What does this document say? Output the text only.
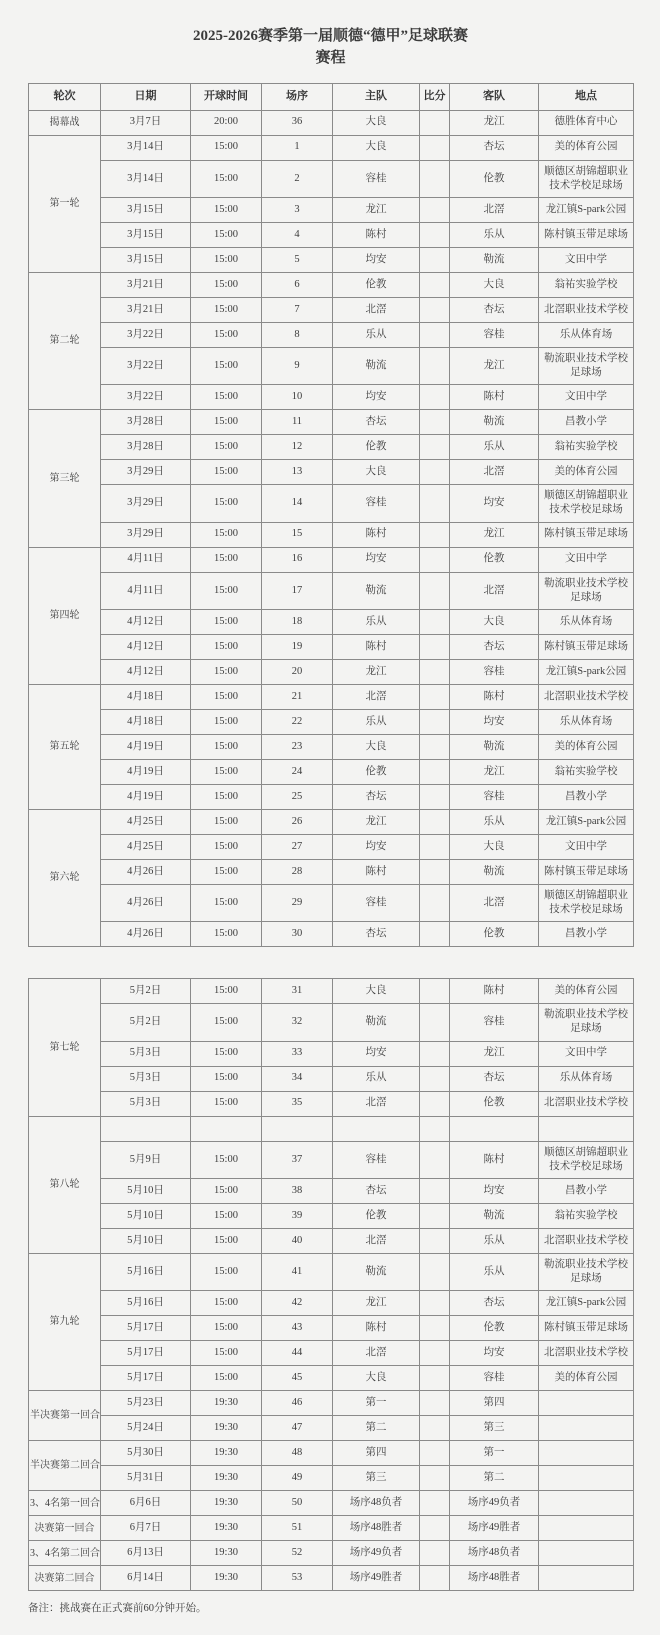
2025-2026赛季第一届顺德“德甲”足球联赛
赛程
轮次	日期	开球时间	场序	主队	比分	客队	地点
揭幕战	3月7日	20:00	36	大良		龙江	德胜体育中心
第一轮	3月14日	15:00	1	大良		杏坛	美的体育公园
	3月14日	15:00	2	容桂		伦教	顺德区胡锦超职业技术学校足球场
	3月15日	15:00	3	龙江		北滘	龙江镇S-park公园
	3月15日	15:00	4	陈村		乐从	陈村镇玉带足球场
	3月15日	15:00	5	均安		勒流	文田中学
第二轮	3月21日	15:00	6	伦教		大良	翁祐实验学校
	3月21日	15:00	7	北滘		杏坛	北滘职业技术学校
	3月22日	15:00	8	乐从		容桂	乐从体育场
	3月22日	15:00	9	勒流		龙江	勒流职业技术学校足球场
	3月22日	15:00	10	均安		陈村	文田中学
第三轮	3月28日	15:00	11	杏坛		勒流	昌教小学
	3月28日	15:00	12	伦教		乐从	翁祐实验学校
	3月29日	15:00	13	大良		北滘	美的体育公园
	3月29日	15:00	14	容桂		均安	顺德区胡锦超职业技术学校足球场
	3月29日	15:00	15	陈村		龙江	陈村镇玉带足球场
第四轮	4月11日	15:00	16	均安		伦教	文田中学
	4月11日	15:00	17	勒流		北滘	勒流职业技术学校足球场
	4月12日	15:00	18	乐从		大良	乐从体育场
	4月12日	15:00	19	陈村		杏坛	陈村镇玉带足球场
	4月12日	15:00	20	龙江		容桂	龙江镇S-park公园
第五轮	4月18日	15:00	21	北滘		陈村	北滘职业技术学校
	4月18日	15:00	22	乐从		均安	乐从体育场
	4月19日	15:00	23	大良		勒流	美的体育公园
	4月19日	15:00	24	伦教		龙江	翁祐实验学校
	4月19日	15:00	25	杏坛		容桂	昌教小学
第六轮	4月25日	15:00	26	龙江		乐从	龙江镇S-park公园
	4月25日	15:00	27	均安		大良	文田中学
	4月26日	15:00	28	陈村		勒流	陈村镇玉带足球场
	4月26日	15:00	29	容桂		北滘	顺德区胡锦超职业技术学校足球场
	4月26日	15:00	30	杏坛		伦教	昌教小学
第七轮	5月2日	15:00	31	大良		陈村	美的体育公园
	5月2日	15:00	32	勒流		容桂	勒流职业技术学校足球场
	5月3日	15:00	33	均安		龙江	文田中学
	5月3日	15:00	34	乐从		杏坛	乐从体育场
	5月3日	15:00	35	北滘		伦教	北滘职业技术学校
第八轮							
	5月9日	15:00	37	容桂		陈村	顺德区胡锦超职业技术学校足球场
	5月10日	15:00	38	杏坛		均安	昌教小学
	5月10日	15:00	39	伦教		勒流	翁祐实验学校
	5月10日	15:00	40	北滘		乐从	北滘职业技术学校
第九轮	5月16日	15:00	41	勒流		乐从	勒流职业技术学校足球场
	5月16日	15:00	42	龙江		杏坛	龙江镇S-park公园
	5月17日	15:00	43	陈村		伦教	陈村镇玉带足球场
	5月17日	15:00	44	北滘		均安	北滘职业技术学校
	5月17日	15:00	45	大良		容桂	美的体育公园
半决赛第一回合	5月23日	19:30	46	第一		第四	
	5月24日	19:30	47	第二		第三	
半决赛第二回合	5月30日	19:30	48	第四		第一	
	5月31日	19:30	49	第三		第二	
3、4名第一回合	6月6日	19:30	50	场序48负者		场序49负者	
决赛第一回合	6月7日	19:30	51	场序48胜者		场序49胜者	
3、4名第二回合	6月13日	19:30	52	场序49负者		场序48负者	
决赛第二回合	6月14日	19:30	53	场序49胜者		场序48胜者	
备注：挑战赛在正式赛前60分钟开始。
